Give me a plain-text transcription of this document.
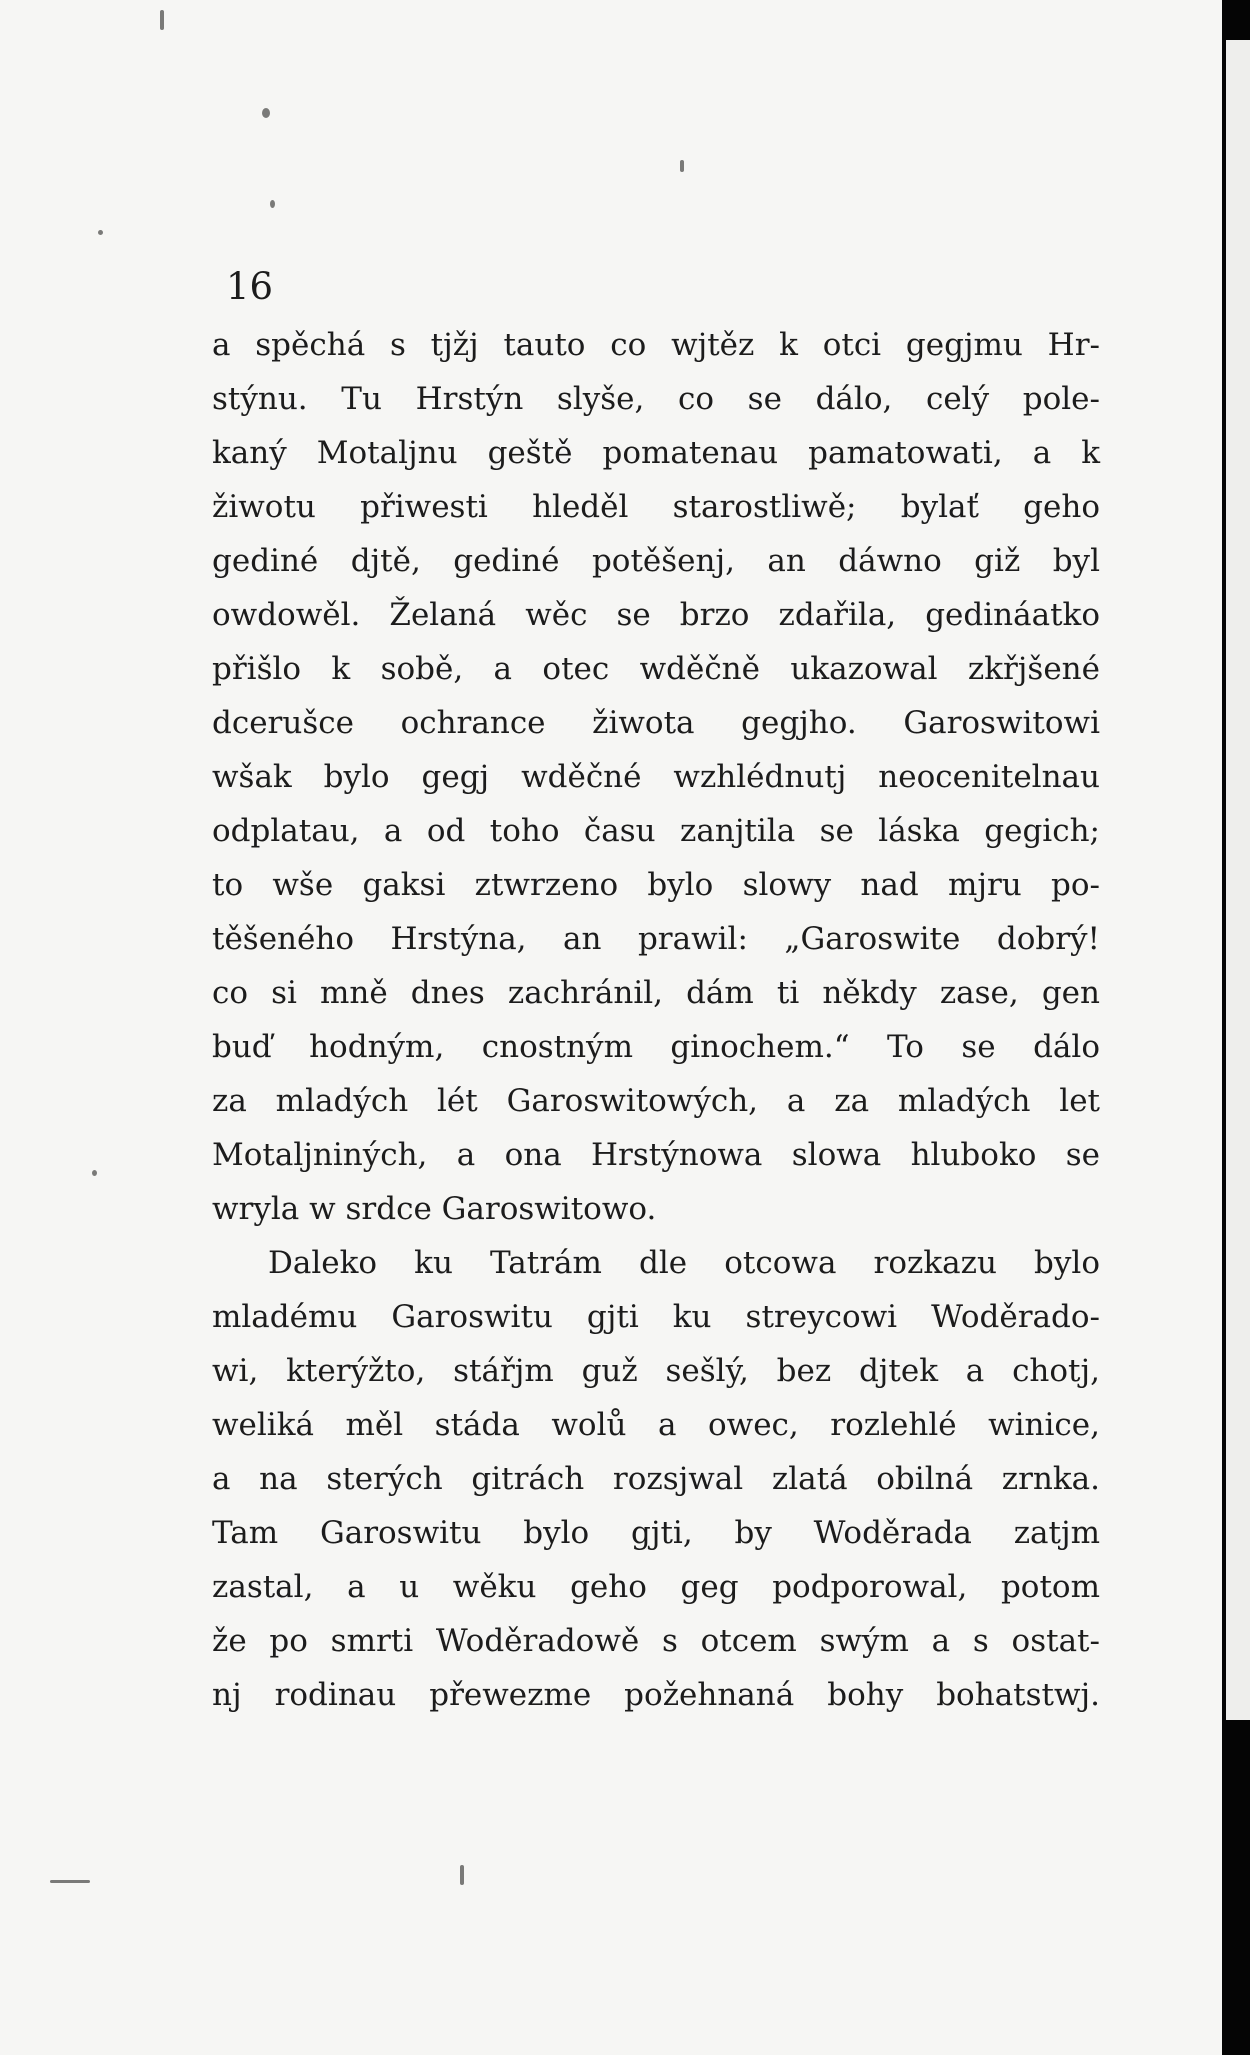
16

a spěchá s tjžj tauto co wjtěz k otci gegjmu Hr-
stýnu. Tu Hrstýn slyše, co se dálo, celý pole-
kaný Motaljnu geště pomatenau pamatowati, a k
žiwotu přiwesti hleděl starostliwě; bylať geho
gediné djtě, gediné potěšenj, an dáwno giž byl
owdowěl. Želaná wěc se brzo zdařila, gedináatko
přišlo k sobě, a otec wděčně ukazowal zkřjšené
dcerušce ochrance žiwota gegjho. Garoswitowi
wšak bylo gegj wděčné wzhlédnutj neocenitelnau
odplatau, a od toho času zanjtila se láska gegich;
to wše gaksi ztwrzeno bylo slowy nad mjru po-
těšeného Hrstýna, an prawil: „Garoswite dobrý!
co si mně dnes zachránil, dám ti někdy zase, gen
buď hodným, cnostným ginochem.“ To se dálo
za mladých lét Garoswitowých, a za mladých let
Motaljniných, a ona Hrstýnowa slowa hluboko se
wryla w srdce Garoswitowo.
Daleko ku Tatrám dle otcowa rozkazu bylo
mladému Garoswitu gjti ku streycowi Woděrado-
wi, kterýžto, stářjm guž sešlý, bez djtek a chotj,
weliká měl stáda wolů a owec, rozlehlé winice,
a na sterých gitrách rozsjwal zlatá obilná zrnka.
Tam Garoswitu bylo gjti, by Woděrada zatjm
zastal, a u wěku geho geg podporowal, potom
že po smrti Woděradowě s otcem swým a s ostat-
nj rodinau přewezme požehnaná bohy bohatstwj.
